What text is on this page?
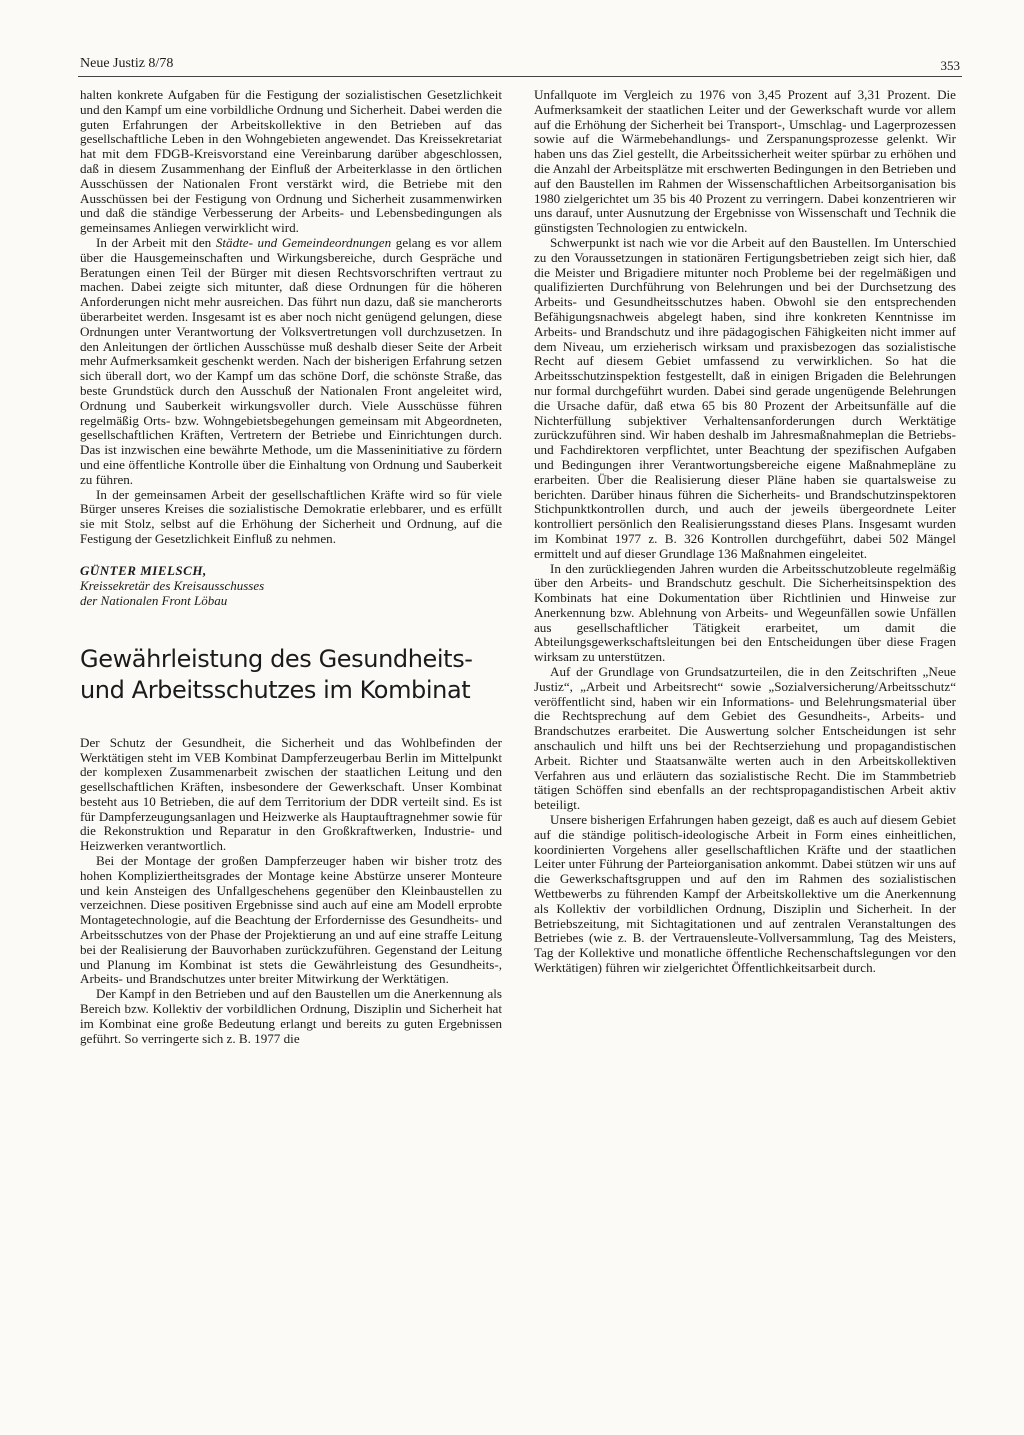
Neue Justiz 8/78	353

halten konkrete Aufgaben für die Festigung der sozialistischen Gesetzlichkeit und den Kampf um eine vorbildliche Ordnung und Sicherheit. Dabei werden die guten Erfahrungen der Arbeitskollektive in den Betrieben auf das gesellschaftliche Leben in den Wohngebieten angewendet. Das Kreissekretariat hat mit dem FDGB-Kreisvorstand eine Vereinbarung darüber abgeschlossen, daß in diesem Zusammenhang der Einfluß der Arbeiterklasse in den örtlichen Ausschüssen der Nationalen Front verstärkt wird, die Betriebe mit den Ausschüssen bei der Festigung von Ordnung und Sicherheit zusammenwirken und daß die ständige Verbesserung der Arbeits- und Lebensbedingungen als gemeinsames Anliegen verwirklicht wird.

In der Arbeit mit den Städte- und Gemeindeordnungen gelang es vor allem über die Hausgemeinschaften und Wirkungsbereiche, durch Gespräche und Beratungen einen Teil der Bürger mit diesen Rechtsvorschriften vertraut zu machen. Dabei zeigte sich mitunter, daß diese Ordnungen für die höheren Anforderungen nicht mehr ausreichen. Das führt nun dazu, daß sie mancherorts überarbeitet werden. Insgesamt ist es aber noch nicht genügend gelungen, diese Ordnungen unter Verantwortung der Volksvertretungen voll durchzusetzen. In den Anleitungen der örtlichen Ausschüsse muß deshalb dieser Seite der Arbeit mehr Aufmerksamkeit geschenkt werden. Nach der bisherigen Erfahrung setzen sich überall dort, wo der Kampf um das schöne Dorf, die schönste Straße, das beste Grundstück durch den Ausschuß der Nationalen Front angeleitet wird, Ordnung und Sauberkeit wirkungsvoller durch. Viele Ausschüsse führen regelmäßig Orts- bzw. Wohngebietsbegehungen gemeinsam mit Abgeordneten, gesellschaftlichen Kräften, Vertretern der Betriebe und Einrichtungen durch. Das ist inzwischen eine bewährte Methode, um die Masseninitiative zu fördern und eine öffentliche Kontrolle über die Einhaltung von Ordnung und Sauberkeit zu führen.

In der gemeinsamen Arbeit der gesellschaftlichen Kräfte wird so für viele Bürger unseres Kreises die sozialistische Demokratie erlebbarer, und es erfüllt sie mit Stolz, selbst auf die Erhöhung der Sicherheit und Ordnung, auf die Festigung der Gesetzlichkeit Einfluß zu nehmen.

GÜNTER MIELSCH,
Kreissekretär des Kreisausschusses
der Nationalen Front Löbau
Gewährleistung des Gesundheits-
und Arbeitsschutzes im Kombinat

Der Schutz der Gesundheit, die Sicherheit und das Wohlbefinden der Werktätigen steht im VEB Kombinat Dampferzeugerbau Berlin im Mittelpunkt der komplexen Zusammenarbeit zwischen der staatlichen Leitung und den gesellschaftlichen Kräften, insbesondere der Gewerkschaft. Unser Kombinat besteht aus 10 Betrieben, die auf dem Territorium der DDR verteilt sind. Es ist für Dampferzeugungsanlagen und Heizwerke als Hauptauftragnehmer sowie für die Rekonstruktion und Reparatur in den Großkraftwerken, Industrie- und Heizwerken verantwortlich.

Bei der Montage der großen Dampferzeuger haben wir bisher trotz des hohen Kompliziertheitsgrades der Montage keine Abstürze unserer Monteure und kein Ansteigen des Unfallgeschehens gegenüber den Kleinbaustellen zu verzeichnen. Diese positiven Ergebnisse sind auch auf eine am Modell erprobte Montagetechnologie, auf die Beachtung der Erfordernisse des Gesundheits- und Arbeitsschutzes von der Phase der Projektierung an und auf eine straffe Leitung bei der Realisierung der Bauvorhaben zurückzuführen. Gegenstand der Leitung und Planung im Kombinat ist stets die Gewährleistung des Gesundheits-, Arbeits- und Brandschutzes unter breiter Mitwirkung der Werktätigen.

Der Kampf in den Betrieben und auf den Baustellen um die Anerkennung als Bereich bzw. Kollektiv der vorbildlichen Ordnung, Disziplin und Sicherheit hat im Kombinat eine große Bedeutung erlangt und bereits zu guten Ergebnissen geführt. So verringerte sich z. B. 1977 die

Unfallquote im Vergleich zu 1976 von 3,45 Prozent auf 3,31 Prozent. Die Aufmerksamkeit der staatlichen Leiter und der Gewerkschaft wurde vor allem auf die Erhöhung der Sicherheit bei Transport-, Umschlag- und Lagerprozessen sowie auf die Wärmebehandlungs- und Zerspanungsprozesse gelenkt. Wir haben uns das Ziel gestellt, die Arbeitssicherheit weiter spürbar zu erhöhen und die Anzahl der Arbeitsplätze mit erschwerten Bedingungen in den Betrieben und auf den Baustellen im Rahmen der Wissenschaftlichen Arbeitsorganisation bis 1980 zielgerichtet um 35 bis 40 Prozent zu verringern. Dabei konzentrieren wir uns darauf, unter Ausnutzung der Ergebnisse von Wissenschaft und Technik die günstigsten Technologien zu entwickeln.

Schwerpunkt ist nach wie vor die Arbeit auf den Baustellen. Im Unterschied zu den Voraussetzungen in stationären Fertigungsbetrieben zeigt sich hier, daß die Meister und Brigadiere mitunter noch Probleme bei der regelmäßigen und qualifizierten Durchführung von Belehrungen und bei der Durchsetzung des Arbeits- und Gesundheitsschutzes haben. Obwohl sie den entsprechenden Befähigungsnachweis abgelegt haben, sind ihre konkreten Kenntnisse im Arbeits- und Brandschutz und ihre pädagogischen Fähigkeiten nicht immer auf dem Niveau, um erzieherisch wirksam und praxisbezogen das sozialistische Recht auf diesem Gebiet umfassend zu verwirklichen. So hat die Arbeitsschutzinspektion festgestellt, daß in einigen Brigaden die Belehrungen nur formal durchgeführt wurden. Dabei sind gerade ungenügende Belehrungen die Ursache dafür, daß etwa 65 bis 80 Prozent der Arbeitsunfälle auf die Nichterfüllung subjektiver Verhaltensanforderungen durch Werktätige zurückzuführen sind. Wir haben deshalb im Jahresmaßnahmeplan die Betriebs- und Fachdirektoren verpflichtet, unter Beachtung der spezifischen Aufgaben und Bedingungen ihrer Verantwortungsbereiche eigene Maßnahmepläne zu erarbeiten. Über die Realisierung dieser Pläne haben sie quartalsweise zu berichten. Darüber hinaus führen die Sicherheits- und Brandschutzinspektoren Stichpunktkontrollen durch, und auch der jeweils übergeordnete Leiter kontrolliert persönlich den Realisierungsstand dieses Plans. Insgesamt wurden im Kombinat 1977 z. B. 326 Kontrollen durchgeführt, dabei 502 Mängel ermittelt und auf dieser Grundlage 136 Maßnahmen eingeleitet.

In den zurückliegenden Jahren wurden die Arbeitsschutzobleute regelmäßig über den Arbeits- und Brandschutz geschult. Die Sicherheitsinspektion des Kombinats hat eine Dokumentation über Richtlinien und Hinweise zur Anerkennung bzw. Ablehnung von Arbeits- und Wegeunfällen sowie Unfällen aus gesellschaftlicher Tätigkeit erarbeitet, um damit die Abteilungsgewerkschaftsleitungen bei den Entscheidungen über diese Fragen wirksam zu unterstützen.

Auf der Grundlage von Grundsatzurteilen, die in den Zeitschriften „Neue Justiz“, „Arbeit und Arbeitsrecht“ sowie „Sozialversicherung/Arbeitsschutz“ veröffentlicht sind, haben wir ein Informations- und Belehrungsmaterial über die Rechtsprechung auf dem Gebiet des Gesundheits-, Arbeits- und Brandschutzes erarbeitet. Die Auswertung solcher Entscheidungen ist sehr anschaulich und hilft uns bei der Rechtserziehung und propagandistischen Arbeit. Richter und Staatsanwälte werten auch in den Arbeitskollektiven Verfahren aus und erläutern das sozialistische Recht. Die im Stammbetrieb tätigen Schöffen sind ebenfalls an der rechtspropagandistischen Arbeit aktiv beteiligt.

Unsere bisherigen Erfahrungen haben gezeigt, daß es auch auf diesem Gebiet auf die ständige politisch-ideologische Arbeit in Form eines einheitlichen, koordinierten Vorgehens aller gesellschaftlichen Kräfte und der staatlichen Leiter unter Führung der Parteiorganisation ankommt. Dabei stützen wir uns auf die Gewerkschaftsgruppen und auf den im Rahmen des sozialistischen Wettbewerbs zu führenden Kampf der Arbeitskollektive um die Anerkennung als Kollektiv der vorbildlichen Ordnung, Disziplin und Sicherheit. In der Betriebszeitung, mit Sichtagitationen und auf zentralen Veranstaltungen des Betriebes (wie z. B. der Vertrauensleute-Vollversammlung, Tag des Meisters, Tag der Kollektive und monatliche öffentliche Rechenschaftslegungen vor den Werktätigen) führen wir zielgerichtet Öffentlichkeitsarbeit durch.
